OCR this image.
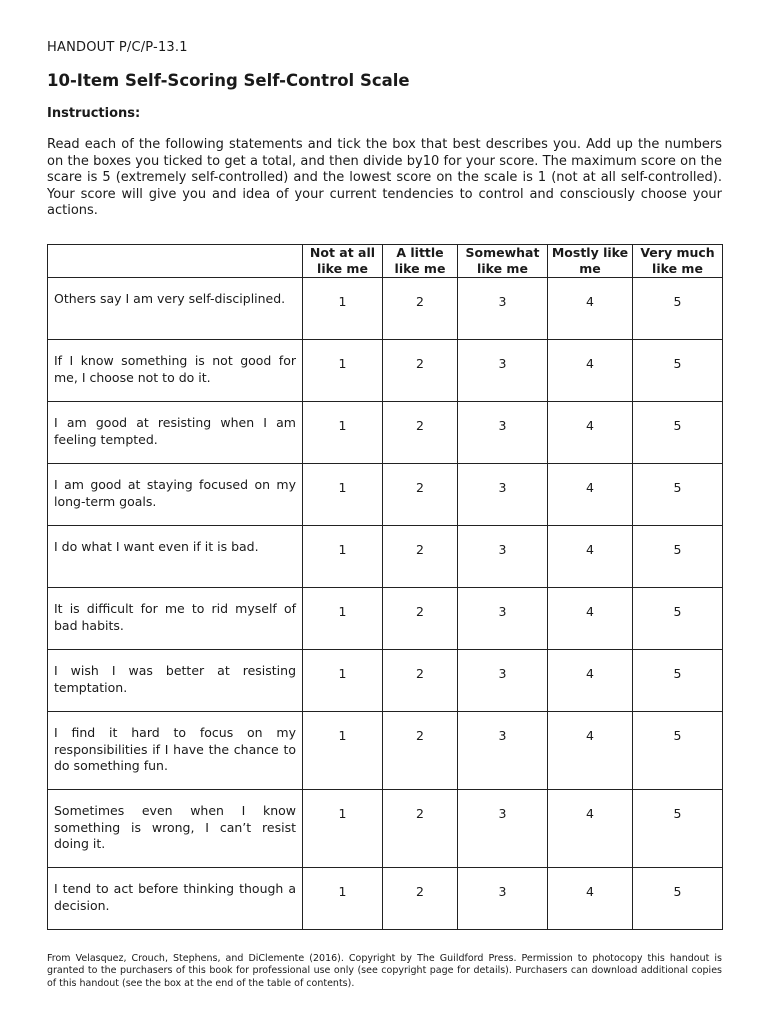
HANDOUT P/C/P-13.1

10-Item Self-Scoring Self-Control Scale

Instructions:

Read each of the following statements and tick the box that best describes you. Add up the numbers on the boxes you ticked to get a total, and then divide by10 for your score. The maximum score on the scare is 5 (extremely self-controlled) and the lowest score on the scale is 1 (not at all self-controlled). Your score will give you and idea of your current tendencies to control and consciously choose your actions.

	Not at all like me	A little like me	Somewhat like me	Mostly like me	Very much like me
Others say I am very self-disciplined.	1	2	3	4	5
If I know something is not good for me, I choose not to do it.	1	2	3	4	5
I am good at resisting when I am feeling tempted.	1	2	3	4	5
I am good at staying focused on my long-term goals.	1	2	3	4	5
I do what I want even if it is bad.	1	2	3	4	5
It is difficult for me to rid myself of bad habits.	1	2	3	4	5
I wish I was better at resisting temptation.	1	2	3	4	5
I find it hard to focus on my responsibilities if I have the chance to do something fun.	1	2	3	4	5
Sometimes even when I know something is wrong, I can’t resist doing it.	1	2	3	4	5
I tend to act before thinking though a decision.	1	2	3	4	5

From Velasquez, Crouch, Stephens, and DiClemente (2016). Copyright by The Guildford Press. Permission to photocopy this handout is granted to the purchasers of this book for professional use only (see copyright page for details). Purchasers can download additional copies of this handout (see the box at the end of the table of contents).
